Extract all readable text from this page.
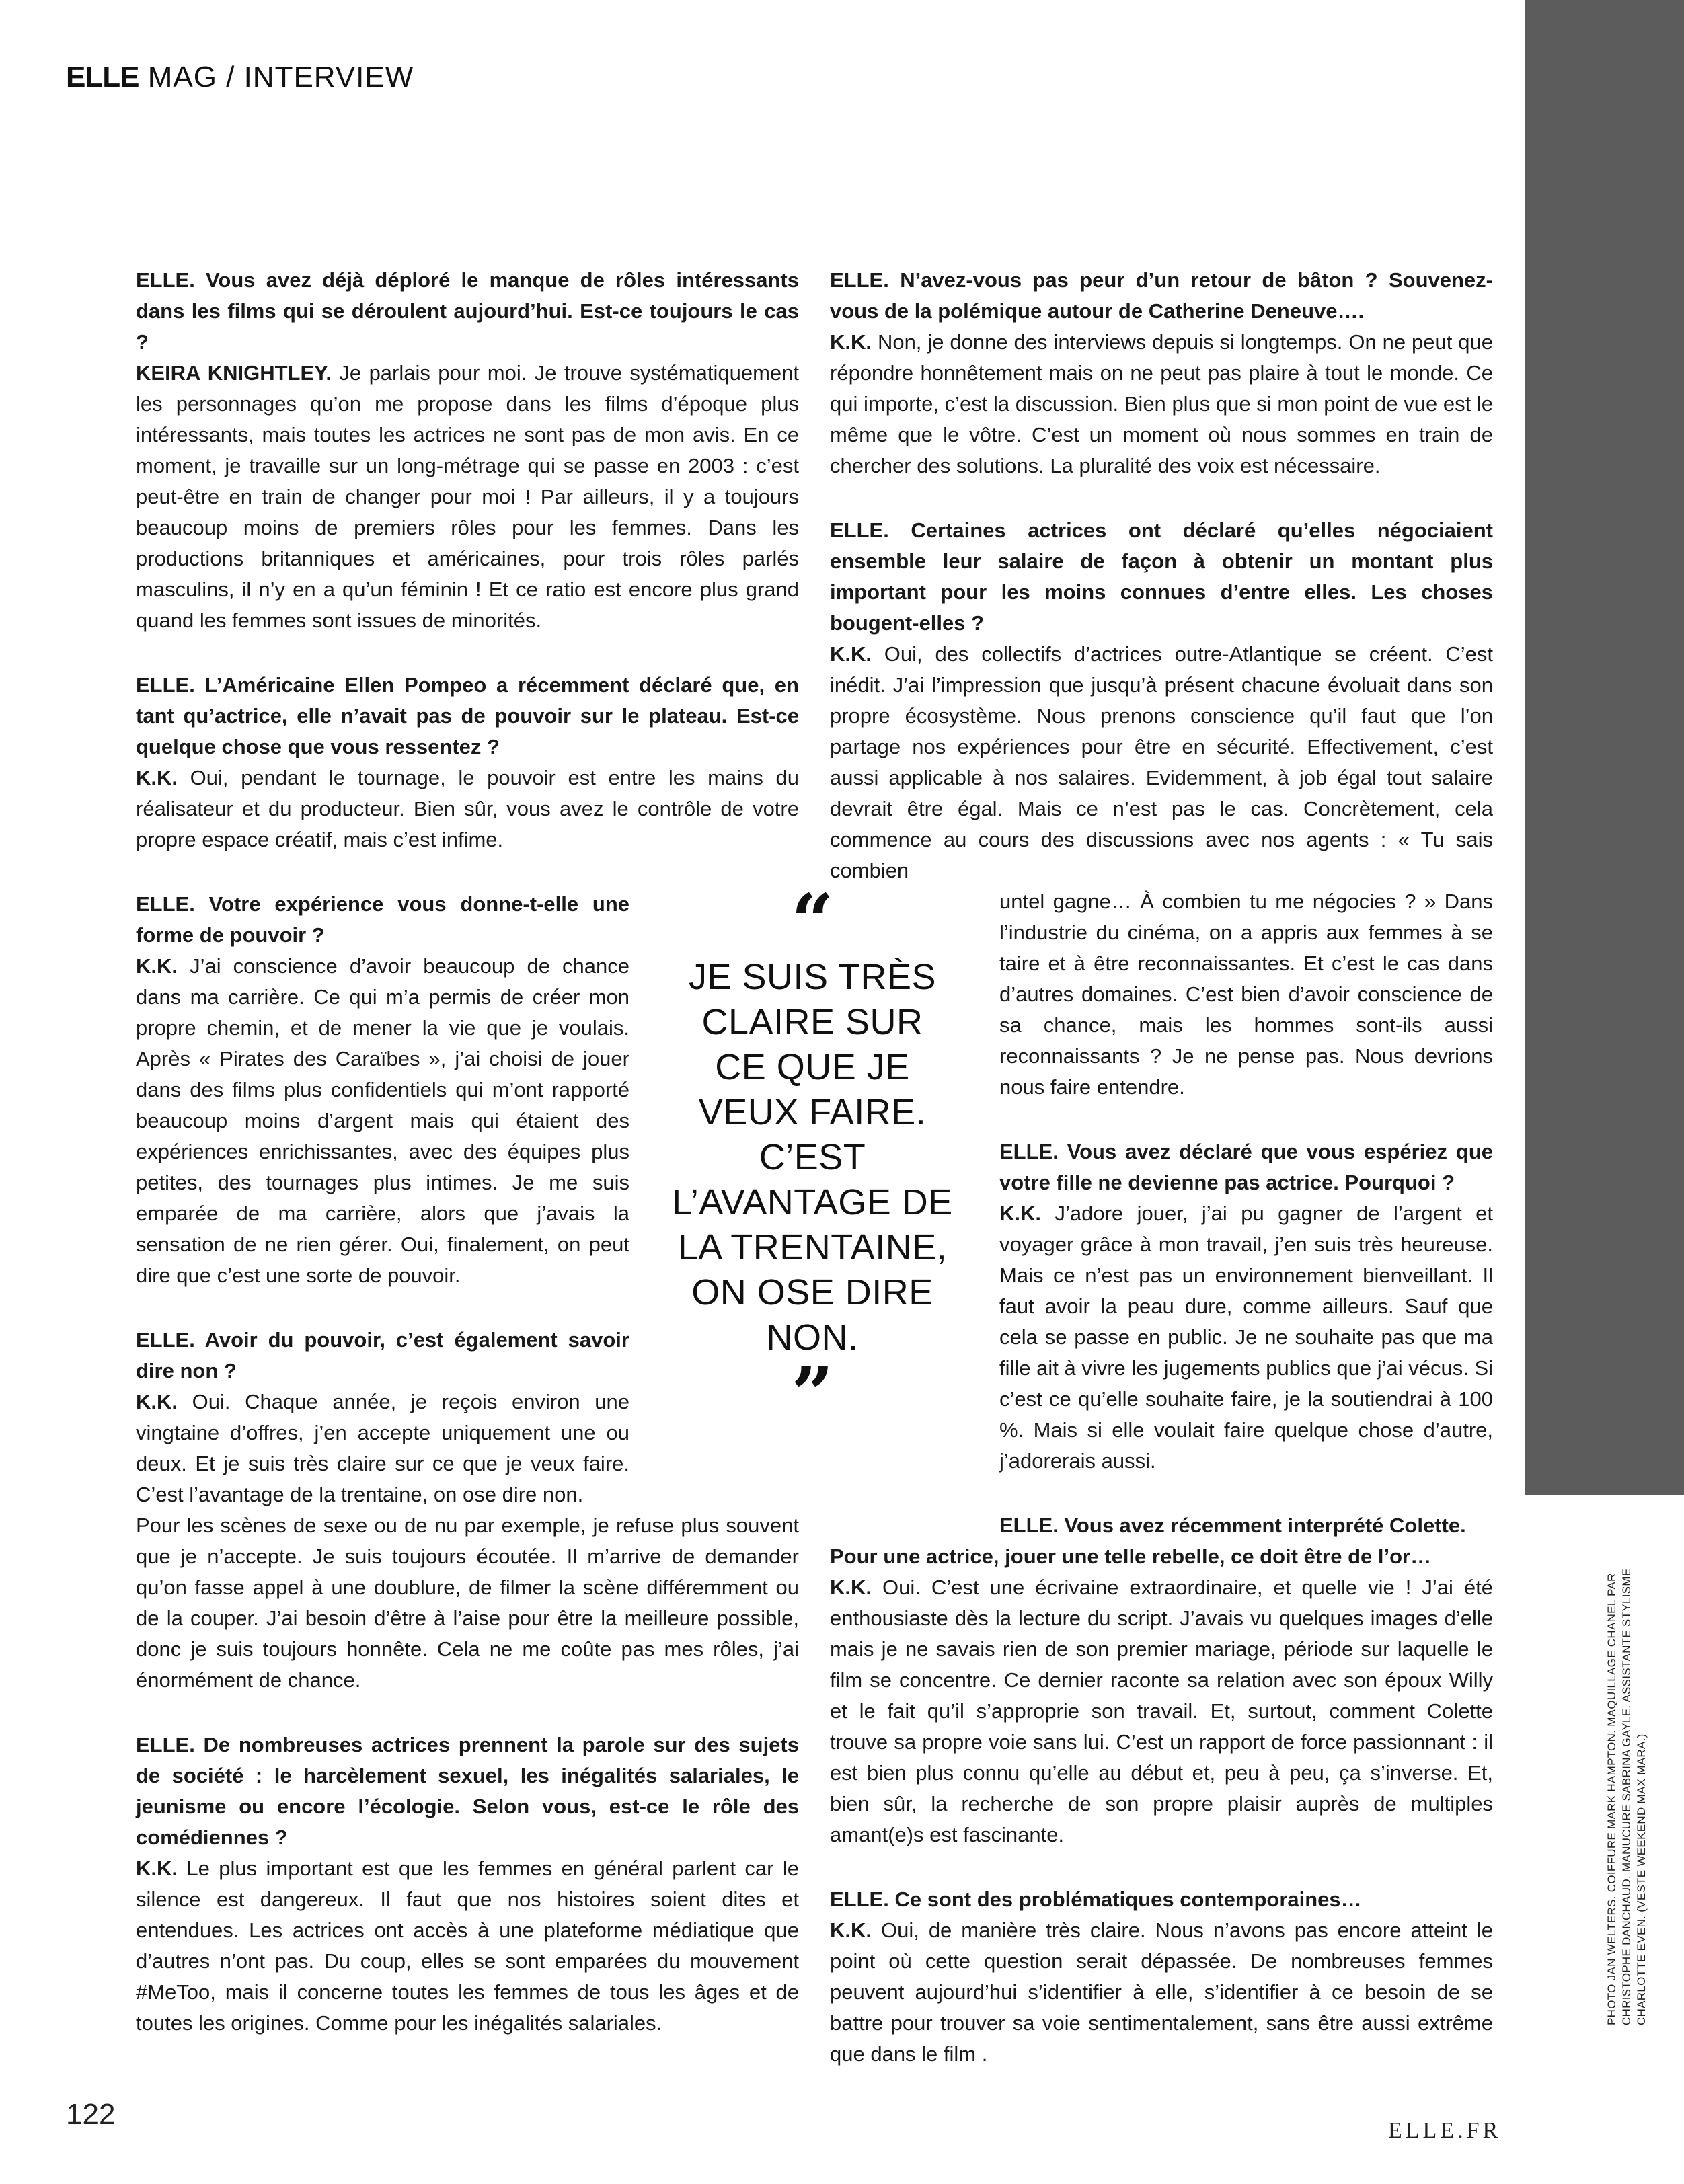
PHOTO JAN WELTERS. COIFFURE MARK HAMPTON. MAQUILLAGE CHANEL PAR CHRISTOPHE DANCHAUD. MANUCURE SABRINA GAYLE. ASSISTANTE STYLISME CHARLOTTE EVEN. (VESTE WEEKEND MAX MARA.)
ELLE MAG / INTERVIEW
ELLE. Vous avez déjà déploré le manque de rôles intéressants dans les films qui se déroulent aujourd’hui. Est-ce toujours le cas ?
KEIRA KNIGHTLEY. Je parlais pour moi. Je trouve systématiquement les personnages qu’on me propose dans les films d’époque plus intéressants, mais toutes les actrices ne sont pas de mon avis. En ce moment, je travaille sur un long-métrage qui se passe en 2003 : c’est peut-être en train de changer pour moi ! Par ailleurs, il y a toujours beaucoup moins de premiers rôles pour les femmes. Dans les productions britanniques et américaines, pour trois rôles parlés masculins, il n’y en a qu’un féminin ! Et ce ratio est encore plus grand quand les femmes sont issues de minorités.
ELLE. L’Américaine Ellen Pompeo a récemment déclaré que, en tant qu’actrice, elle n’avait pas de pouvoir sur le plateau. Est-ce quelque chose que vous ressentez ?
K.K. Oui, pendant le tournage, le pouvoir est entre les mains du réalisateur et du producteur. Bien sûr, vous avez le contrôle de votre propre espace créatif, mais c’est infime.
ELLE. Votre expérience vous donne-t-elle une forme de pouvoir ?
K.K. J’ai conscience d’avoir beaucoup de chance dans ma carrière. Ce qui m’a permis de créer mon propre chemin, et de mener la vie que je voulais. Après « Pirates des Caraïbes », j’ai choisi de jouer dans des films plus confidentiels qui m’ont rapporté beaucoup moins d’argent mais qui étaient des expériences enrichissantes, avec des équipes plus petites, des tournages plus intimes. Je me suis emparée de ma carrière, alors que j’avais la sensation de ne rien gérer. Oui, finalement, on peut dire que c’est une sorte de pouvoir.
ELLE. Avoir du pouvoir, c’est également savoir dire non ?
K.K. Oui. Chaque année, je reçois environ une vingtaine d’offres, j’en accepte uniquement une ou deux. Et je suis très claire sur ce que je veux faire. C’est l’avantage de la trentaine, on ose dire non.
Pour les scènes de sexe ou de nu par exemple, je refuse plus souvent que je n’accepte. Je suis toujours écoutée. Il m’arrive de demander qu’on fasse appel à une doublure, de filmer la scène différemment ou de la couper. J’ai besoin d’être à l’aise pour être la meilleure possible, donc je suis toujours honnête. Cela ne me coûte pas mes rôles, j’ai énormément de chance.
ELLE. De nombreuses actrices prennent la parole sur des sujets de société : le harcèlement sexuel, les inégalités salariales, le jeunisme ou encore l’écologie. Selon vous, est-ce le rôle des comédiennes ?
K.K. Le plus important est que les femmes en général parlent car le silence est dangereux. Il faut que nos histoires soient dites et entendues. Les actrices ont accès à une plateforme médiatique que d’autres n’ont pas. Du coup, elles se sont emparées du mouvement #MeToo, mais il concerne toutes les femmes de tous les âges et de toutes les origines. Comme pour les inégalités salariales.
“
JE SUIS TRÈS CLAIRE SUR CE QUE JE VEUX FAIRE. C’EST L’AVANTAGE DE LA TRENTAINE, ON OSE DIRE NON.
”
ELLE. N’avez-vous pas peur d’un retour de bâton ? Souvenez-vous de la polémique autour de Catherine Deneuve….
K.K. Non, je donne des interviews depuis si longtemps. On ne peut que répondre honnêtement mais on ne peut pas plaire à tout le monde. Ce qui importe, c’est la discussion. Bien plus que si mon point de vue est le même que le vôtre. C’est un moment où nous sommes en train de chercher des solutions. La pluralité des voix est nécessaire.
ELLE. Certaines actrices ont déclaré qu’elles négociaient ensemble leur salaire de façon à obtenir un montant plus important pour les moins connues d’entre elles. Les choses bougent-elles ?
K.K. Oui, des collectifs d’actrices outre-Atlantique se créent. C’est inédit. J’ai l’impression que jusqu’à présent chacune évoluait dans son propre écosystème. Nous prenons conscience qu’il faut que l’on partage nos expériences pour être en sécurité. Effectivement, c’est aussi applicable à nos salaires. Evidemment, à job égal tout salaire devrait être égal. Mais ce n’est pas le cas. Concrètement, cela commence au cours des discussions avec nos agents : « Tu sais combien
untel gagne… À combien tu me négocies ? » Dans l’industrie du cinéma, on a appris aux femmes à se taire et à être reconnaissantes. Et c’est le cas dans d’autres domaines. C’est bien d’avoir conscience de sa chance, mais les hommes sont-ils aussi reconnaissants ? Je ne pense pas. Nous devrions nous faire entendre.
ELLE. Vous avez déclaré que vous espériez que votre fille ne devienne pas actrice. Pourquoi ?
K.K. J’adore jouer, j’ai pu gagner de l’argent et voyager grâce à mon travail, j’en suis très heureuse. Mais ce n’est pas un environnement bienveillant. Il faut avoir la peau dure, comme ailleurs. Sauf que cela se passe en public. Je ne souhaite pas que ma fille ait à vivre les jugements publics que j’ai vécus. Si c’est ce qu’elle souhaite faire, je la soutiendrai à 100 %. Mais si elle voulait faire quelque chose d’autre, j’adorerais aussi.
ELLE. Vous avez récemment interprété Colette.
Pour une actrice, jouer une telle rebelle, ce doit être de l’or…
K.K. Oui. C’est une écrivaine extraordinaire, et quelle vie ! J’ai été enthousiaste dès la lecture du script. J’avais vu quelques images d’elle mais je ne savais rien de son premier mariage, période sur laquelle le film se concentre. Ce dernier raconte sa relation avec son époux Willy et le fait qu’il s’approprie son travail. Et, surtout, comment Colette trouve sa propre voie sans lui. C’est un rapport de force passionnant : il est bien plus connu qu’elle au début et, peu à peu, ça s’inverse. Et, bien sûr, la recherche de son propre plaisir auprès de multiples amant(e)s est fascinante.
ELLE. Ce sont des problématiques contemporaines…
K.K. Oui, de manière très claire. Nous n’avons pas encore atteint le point où cette question serait dépassée. De nombreuses femmes peuvent aujourd’hui s’identifier à elle, s’identifier à ce besoin de se battre pour trouver sa voie sentimentalement, sans être aussi extrême que dans le film .
122	ELLE.FR
